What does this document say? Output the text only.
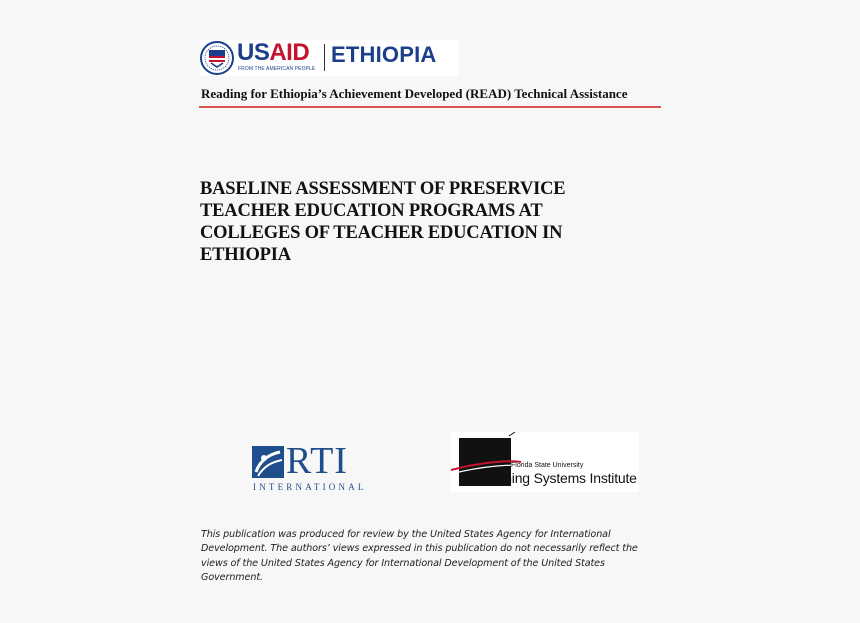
USAID
FROM THE AMERICAN PEOPLE
ETHIOPIA
Reading for Ethiopia’s Achievement Developed (READ) Technical Assistance
BASELINE ASSESSMENT OF PRESERVICE
TEACHER EDUCATION PROGRAMS AT
COLLEGES OF TEACHER EDUCATION IN
ETHIOPIA
RTI
INTERNATIONAL
Florida State University
Learning Systems Institute

This publication was produced for review by the United States Agency for International
Development. The authors’ views expressed in this publication do not necessarily reflect the
views of the United States Agency for International Development of the United States
Government.
